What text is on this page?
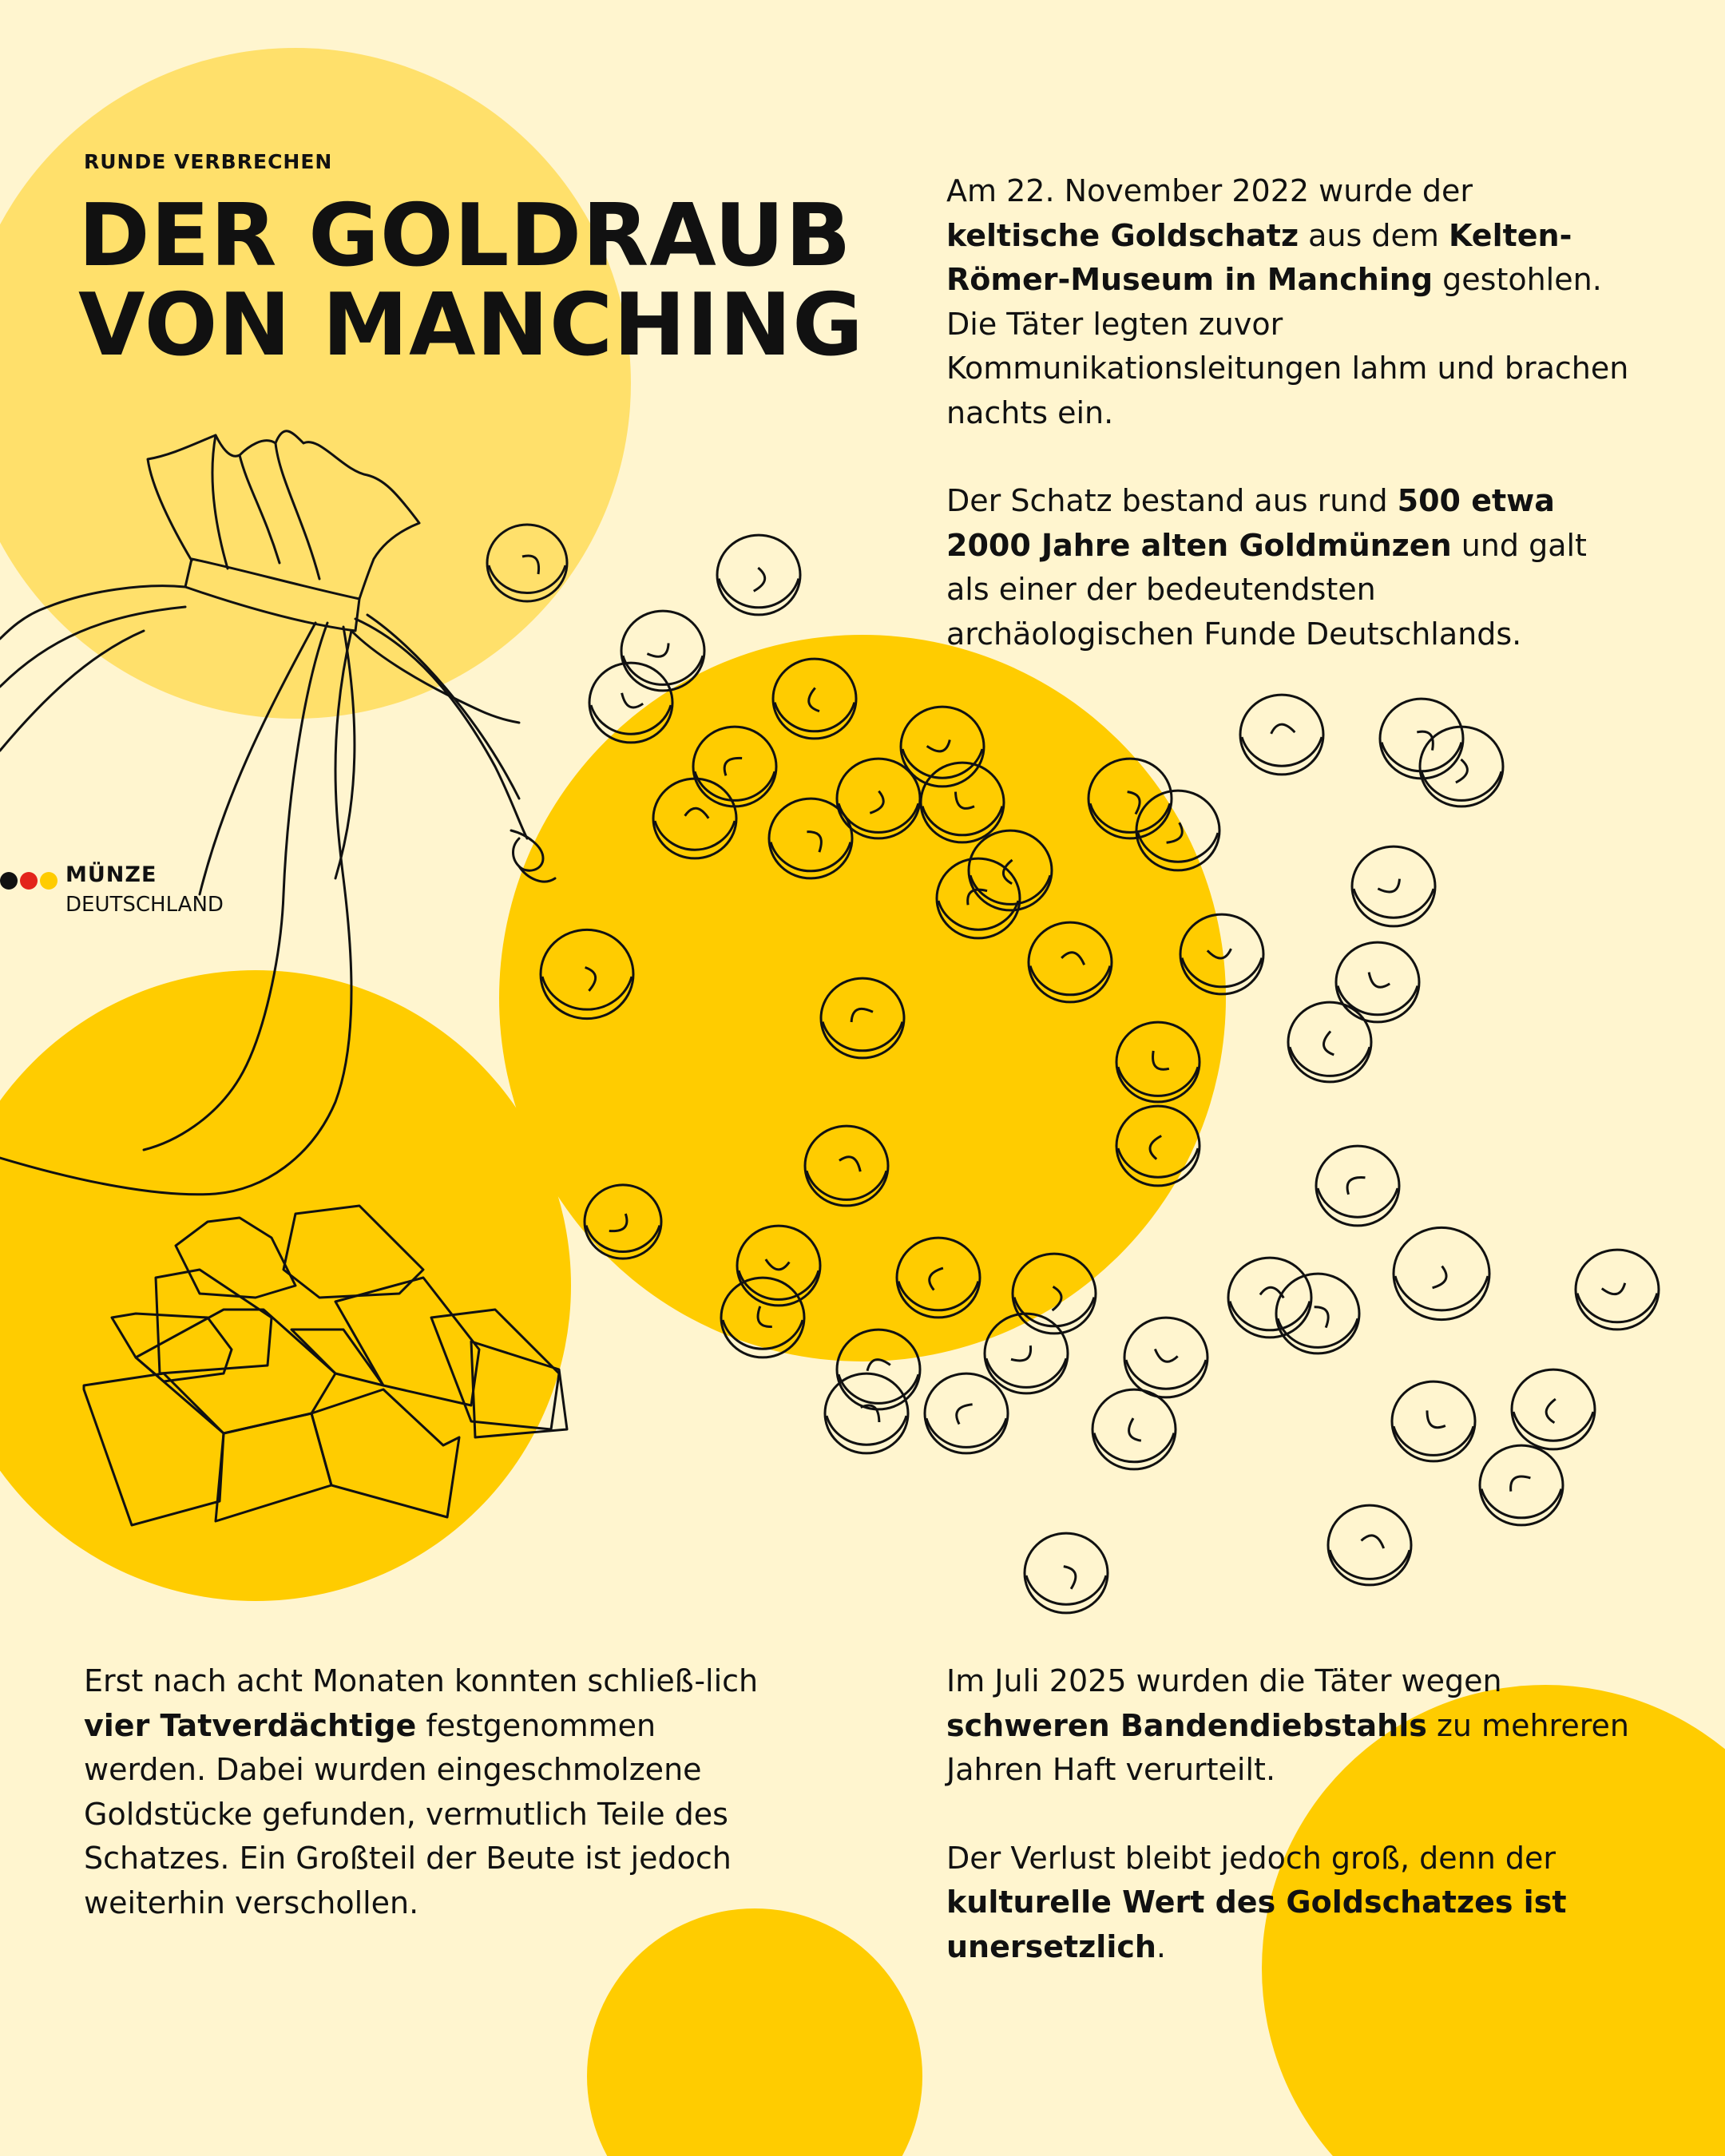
RUNDE VERBRECHEN
DER GOLDRAUB
VON MANCHING
MÜNZE
DEUTSCHLAND

Am 22. November 2022 wurde der keltische Goldschatz aus dem Kelten-Römer-Museum in Manching gestohlen. Die Täter legten zuvor Kommunikationsleitungen lahm und brachen nachts ein.

Der Schatz bestand aus rund 500 etwa 2000 Jahre alten Goldmünzen und galt als einer der bedeutendsten archäologischen Funde Deutschlands.

Erst nach acht Monaten konnten schließ-lich vier Tatverdächtige festgenommen werden. Dabei wurden eingeschmolzene Goldstücke gefunden, vermutlich Teile des Schatzes. Ein Großteil der Beute ist jedoch weiterhin verschollen.

Im Juli 2025 wurden die Täter wegen schweren Bandendiebstahls zu mehreren Jahren Haft verurteilt.

Der Verlust bleibt jedoch groß, denn der kulturelle Wert des Goldschatzes ist unersetzlich.
